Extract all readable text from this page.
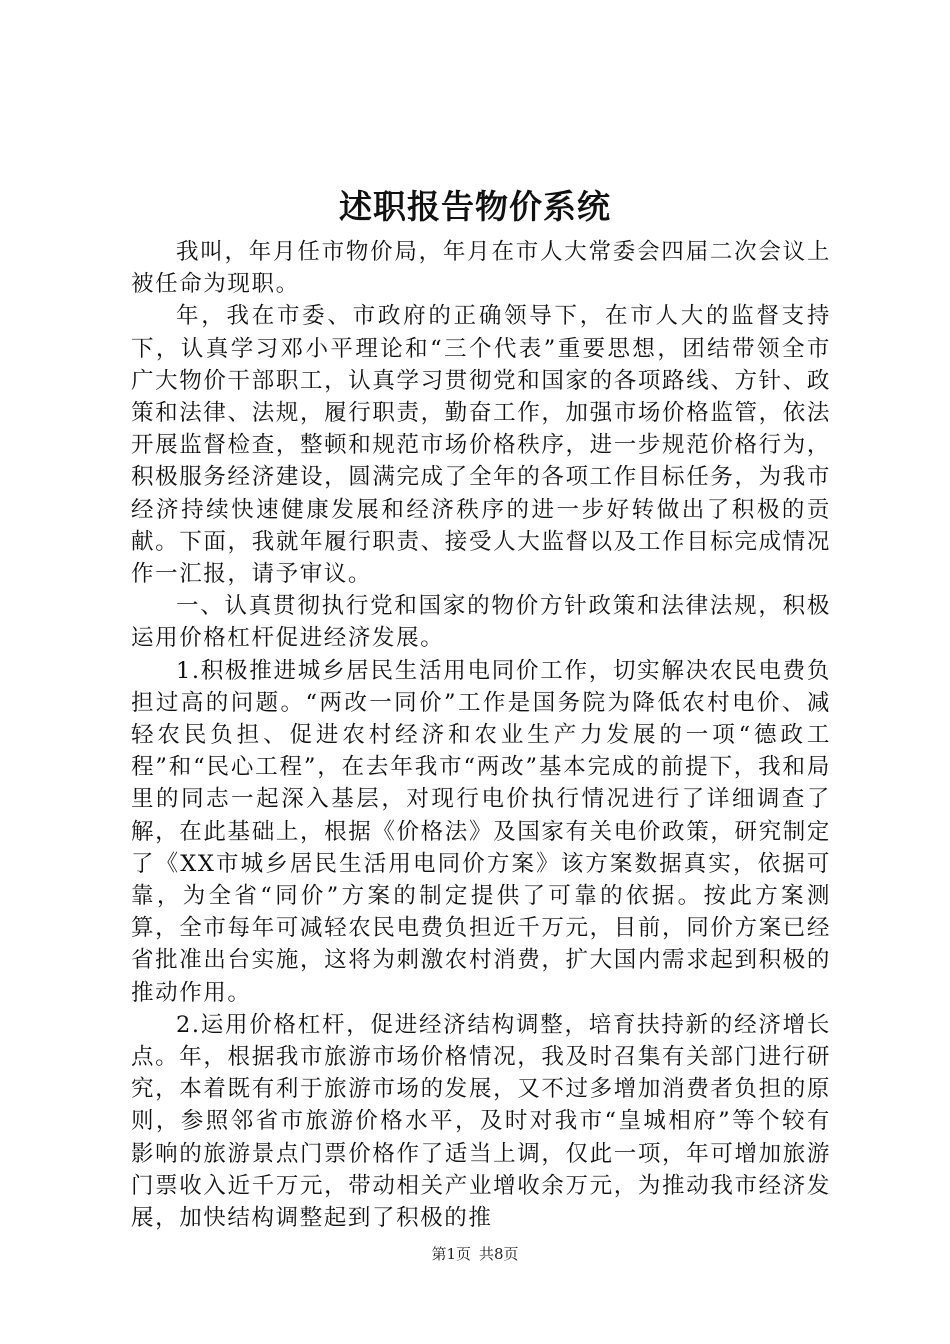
述职报告物价系统

我叫，年月任市物价局，年月在市人大常委会四届二次会议上被任命为现职。

年，我在市委、市政府的正确领导下，在市人大的监督支持下，认真学习邓小平理论和“三个代表”重要思想，团结带领全市广大物价干部职工，认真学习贯彻党和国家的各项路线、方针、政策和法律、法规，履行职责，勤奋工作，加强市场价格监管，依法开展监督检查，整顿和规范市场价格秩序，进一步规范价格行为，积极服务经济建设，圆满完成了全年的各项工作目标任务，为我市经济持续快速健康发展和经济秩序的进一步好转做出了积极的贡献。下面，我就年履行职责、接受人大监督以及工作目标完成情况作一汇报，请予审议。

一、认真贯彻执行党和国家的物价方针政策和法律法规，积极运用价格杠杆促进经济发展。

1.积极推进城乡居民生活用电同价工作，切实解决农民电费负担过高的问题。“两改一同价”工作是国务院为降低农村电价、减轻农民负担、促进农村经济和农业生产力发展的一项“德政工程”和“民心工程”，在去年我市“两改”基本完成的前提下，我和局里的同志一起深入基层，对现行电价执行情况进行了详细调查了解，在此基础上，根据《价格法》及国家有关电价政策，研究制定了《XX市城乡居民生活用电同价方案》该方案数据真实，依据可靠，为全省“同价”方案的制定提供了可靠的依据。按此方案测算，全市每年可减轻农民电费负担近千万元，目前，同价方案已经省批准出台实施，这将为刺激农村消费，扩大国内需求起到积极的推动作用。

2.运用价格杠杆，促进经济结构调整，培育扶持新的经济增长点。年，根据我市旅游市场价格情况，我及时召集有关部门进行研究，本着既有利于旅游市场的发展，又不过多增加消费者负担的原则，参照邻省市旅游价格水平，及时对我市“皇城相府”等个较有影响的旅游景点门票价格作了适当上调，仅此一项，年可增加旅游门票收入近千万元，带动相关产业增收余万元，为推动我市经济发展，加快结构调整起到了积极的推

第1页 共8页
